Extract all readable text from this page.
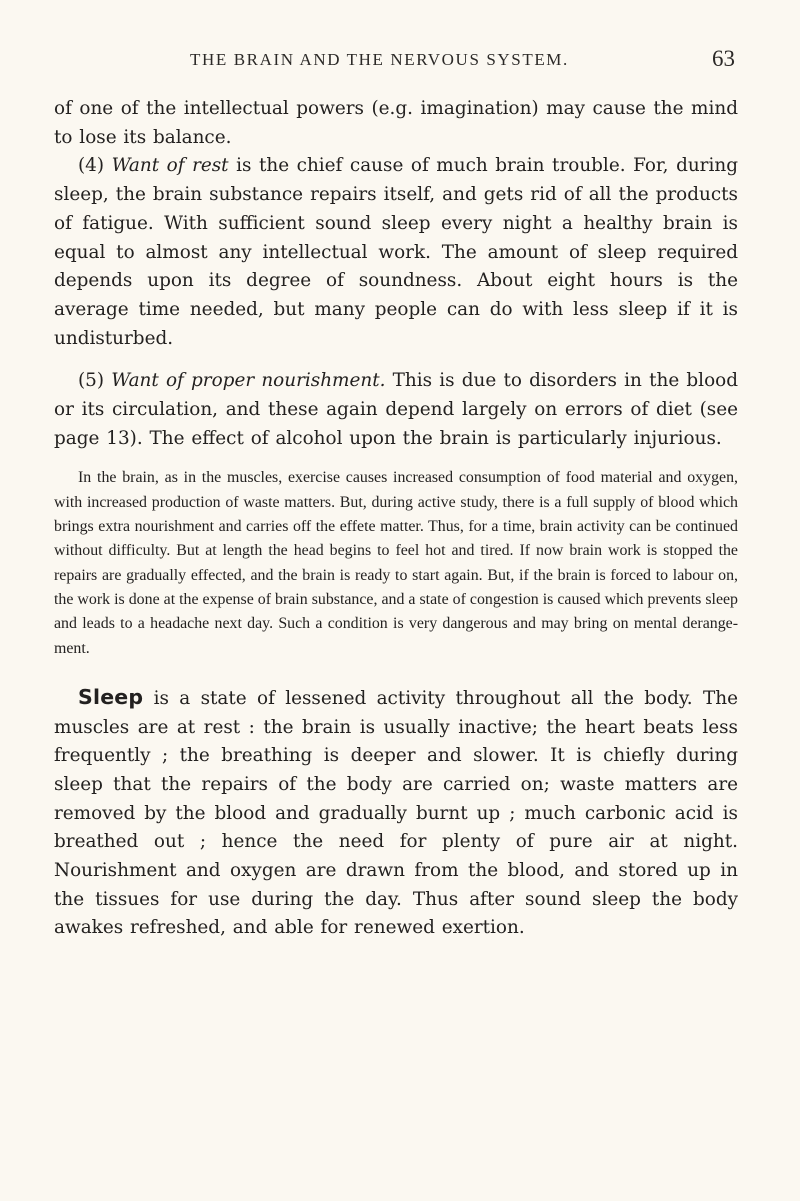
THE BRAIN AND THE NERVOUS SYSTEM.	63

of one of the intellectual powers (e.g. imagination) may cause the mind to lose its balance.

(4) Want of rest is the chief cause of much brain trouble. For, during sleep, the brain substance repairs itself, and gets rid of all the products of fatigue. With sufficient sound sleep every night a healthy brain is equal to almost any intellectual work. The amount of sleep required depends upon its degree of soundness. About eight hours is the average time needed, but many people can do with less sleep if it is undisturbed.

(5) Want of proper nourishment. This is due to disorders in the blood or its circulation, and these again depend largely on errors of diet (see page 13). The effect of alcohol upon the brain is particularly injurious.

In the brain, as in the muscles, exercise causes increased consumption of food material and oxygen, with increased production of waste matters. But, during active study, there is a full supply of blood which brings extra nourishment and carries off the effete matter. Thus, for a time, brain activity can be continued without difficulty. But at length the head begins to feel hot and tired. If now brain work is stopped the repairs are gradually effected, and the brain is ready to start again. But, if the brain is forced to labour on, the work is done at the expense of brain substance, and a state of congestion is caused which prevents sleep and leads to a headache next day. Such a condition is very dangerous and may bring on mental derange-ment.

Sleep is a state of lessened activity throughout all the body. The muscles are at rest : the brain is usually inactive; the heart beats less frequently ; the breathing is deeper and slower. It is chiefly during sleep that the repairs of the body are carried on; waste matters are removed by the blood and gradually burnt up ; much carbonic acid is breathed out ; hence the need for plenty of pure air at night. Nourishment and oxygen are drawn from the blood, and stored up in the tissues for use during the day. Thus after sound sleep the body awakes refreshed, and able for renewed exertion.
